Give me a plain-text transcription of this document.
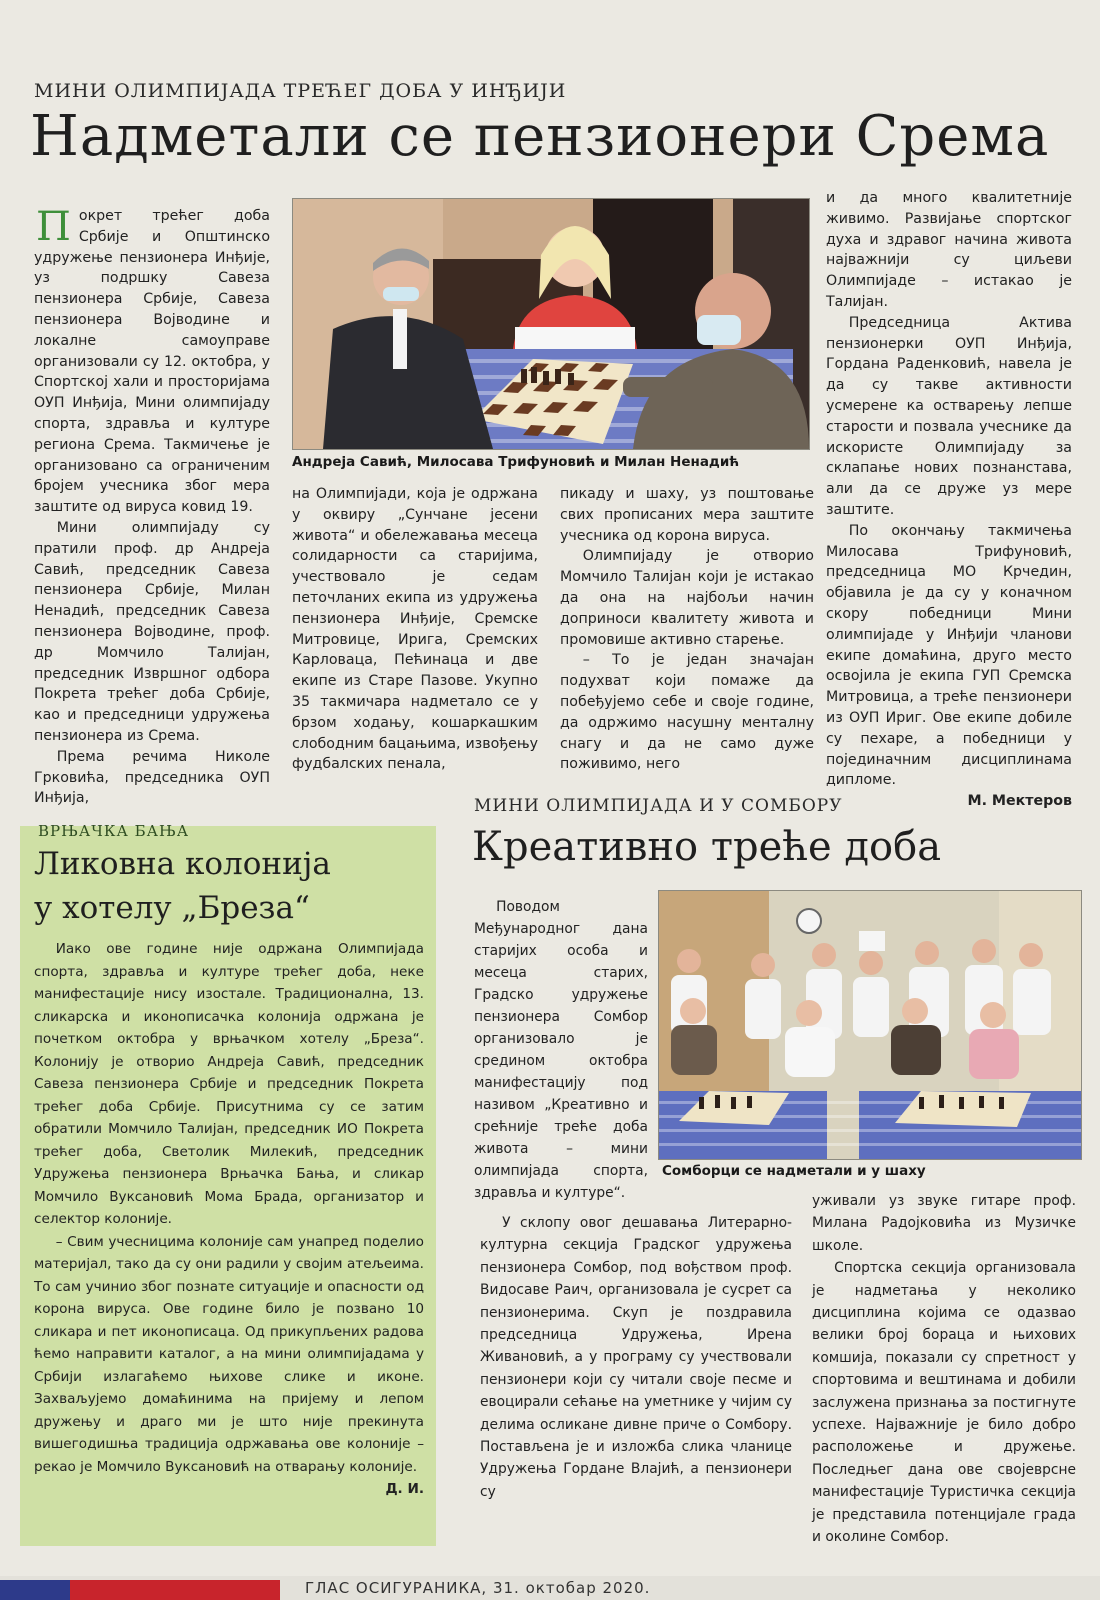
МИНИ ОЛИМПИЈАДА ТРЕЋЕГ ДОБА У ИНЂИЈИ
Надметали се пензионери Срема

Покрет трећег доба Србије и Општинско удружење пензионера Инђије, уз подршку Савеза пензионера Србије, Савеза пензионера Војводине и локалне самоуправе организовали су 12. октобра, у Спортској хали и просторијама ОУП Инђија, Мини олимпијаду спорта, здравља и културе региона Срема. Такмичење је организовано са ограниченим бројем учесника због мера заштите од вируса ковид 19.

Мини олимпијаду су пратили проф. др Андреја Савић, председник Савеза пензионера Србије, Милан Ненадић, председник Савеза пензионера Војводине, проф. др Момчило Талијан, председник Извршног одбора Покрета трећег доба Србије, као и председници удружења пензионера из Срема.

Према речима Николе Грковића, председника ОУП Инђија,

Андреја Савић, Милосава Трифуновић и Милан Ненадић

на Олимпијади, која је одржана у оквиру „Сунчане јесени живота“ и обележавања месеца солидарности са старијима, учествовало је седам петочланих екипа из удружења пензионера Инђије, Сремске Митровице, Ирига, Сремских Карловаца, Пећинаца и две екипе из Старе Пазове. Укупно 35 такмичара надметало се у брзом ходању, кошаркашким слободним бацањима, извођењу фудбалских пенала,

пикаду и шаху, уз поштовање свих прописаних мера заштите учесника од корона вируса.

Олимпијаду је отворио Момчило Талијан који је истакао да она на најбољи начин доприноси квалитету живота и промовише активно старење.

– То је један значајан подухват који помаже да побеђујемо себе и своје године, да одржимо насушну менталну снагу и да не само дуже поживимо, него

и да много квалитетније живимо. Развијање спортског духа и здравог начина живота најважнији су циљеви Олимпијаде – истакао је Талијан.

Председница Актива пензионерки ОУП Инђија, Гордана Раденковић, навела је да су такве активности усмерене ка остварењу лепше старости и позвала учеснике да искористе Олимпијаду за склапање нових познанстава, али да се друже уз мере заштите.

По окончању такмичења Милосава Трифуновић, председница МО Крчедин, објавила је да су у коначном скору победници Мини олимпијаде у Инђији чланови екипе домаћина, друго место освојила је екипа ГУП Сремска Митровица, а треће пензионери из ОУП Ириг. Ове екипе добиле су пехаре, а победници у појединачним дисциплинама дипломе.

М. Мектеров

ВРЊАЧКА БАЊА
Ликовна колонија
у хотелу „Бреза“

Иако ове године није одржана Олимпијада спорта, здравља и културе трећег доба, неке манифестације нису изостале. Традиционална, 13. сликарска и иконописачка колонија одржана је почетком октобра у врњачком хотелу „Бреза“. Колонију је отворио Андреја Савић, председник Савеза пензионера Србије и председник Покрета трећег доба Србије. Присутнима су се затим обратили Момчило Талијан, председник ИО Покрета трећег доба, Светолик Милекић, председник Удружења пензионера Врњачка Бања, и сликар Момчило Вуксановић Мома Брада, организатор и селектор колоније.

– Свим учесницима колоније сам унапред поделио материјал, тако да су они радили у својим атељеима. То сам учинио због познате ситуације и опасности од корона вируса. Ове године било је позвано 10 сликара и пет иконописаца. Од прикупљених радова ћемо направити каталог, а на мини олимпијадама у Србији излагаћемо њихове слике и иконе. Захваљујемо домаћинима на пријему и лепом дружењу и драго ми је што није прекинута вишегодишња традиција одржавања ове колоније – рекао је Момчило Вуксановић на отварању колоније.

Д. И.

МИНИ ОЛИМПИЈАДА И У СОМБОРУ
Креативно треће доба
Сомборци се надметали и у шаху

Поводом Међународног дана старијих особа и месеца старих, Градско удружење пензионера Сомбор организовало је средином октобра манифестацију под називом „Креативно и срећније треће доба живота – мини олимпијада спорта, здравља и културе“.

У склопу овог дешавања Литерарно-културна секција Градског удружења пензионера Сомбор, под вођством проф. Видосаве Раич, организовала је сусрет са пензионерима. Скуп је поздравила председница Удружења, Ирена Живановић, а у програму су учествовали пензионери који су читали своје песме и евоцирали сећање на уметнике у чијим су делима осликане дивне приче о Сомбору. Постављена је и изложба слика чланице Удружења Гордане Влајић, а пензионери су

уживали уз звуке гитаре проф. Миланa Радојковића из Музичке школе.

Спортска секција организовала је надметања у неколико дисциплина којима се одазвао велики број бораца и њихових комшија, показали су спретност у спортовима и вештинама и добили заслужена признања за постигнуте успехе. Најважније је било добро расположење и дружење. Последњег дана ове својеврсне манифестације Туристичка секција је представила потенцијале града и околине Сомбор.

ГЛАС ОСИГУРАНИКА, 31. октобар 2020.
